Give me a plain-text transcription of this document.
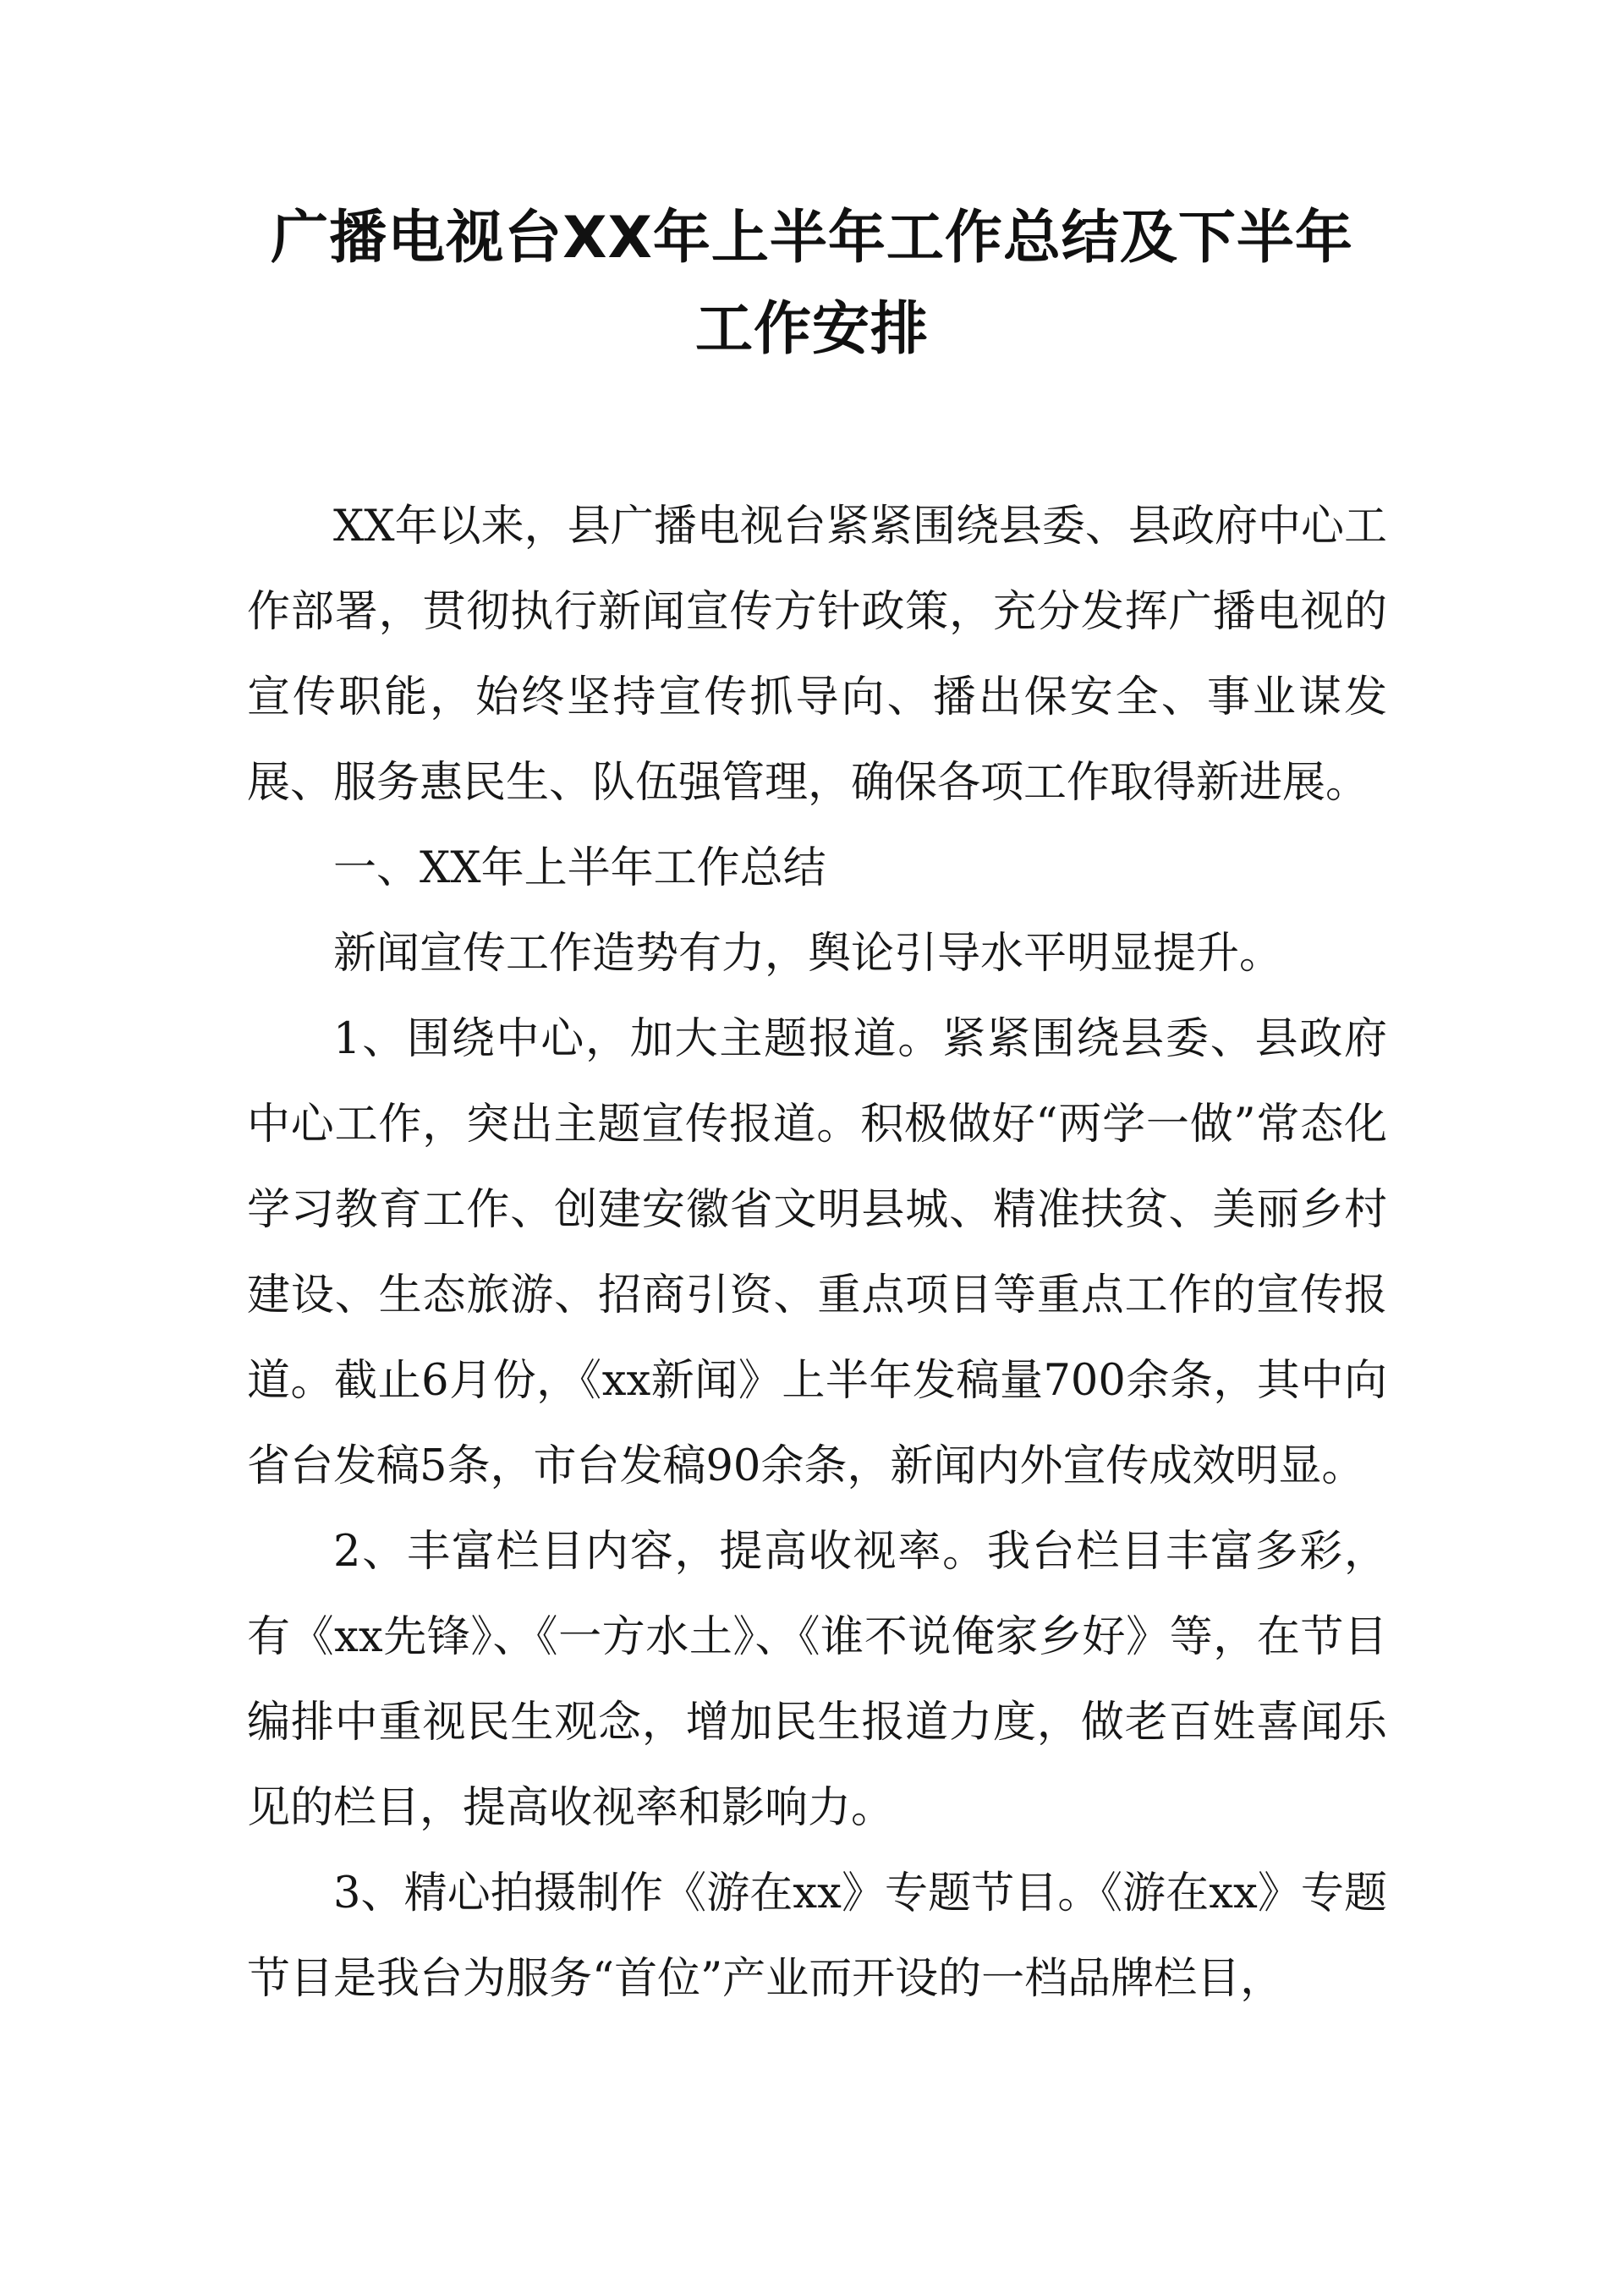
广播电视台XX年上半年工作总结及下半年
工作安排

XX年以来，县广播电视台紧紧围绕县委、县政府中心工作部署，贯彻执行新闻宣传方针政策，充分发挥广播电视的宣传职能，始终坚持宣传抓导向、播出保安全、事业谋发展、服务惠民生、队伍强管理，确保各项工作取得新进展。

一、XX年上半年工作总结

新闻宣传工作造势有力，舆论引导水平明显提升。

1、围绕中心，加大主题报道。紧紧围绕县委、县政府中心工作，突出主题宣传报道。积极做好“两学一做”常态化学习教育工作、创建安徽省文明县城、精准扶贫、美丽乡村建设、生态旅游、招商引资、重点项目等重点工作的宣传报道。截止6月份，《xx新闻》上半年发稿量700余条，其中向省台发稿5条，市台发稿90余条，新闻内外宣传成效明显。

2、丰富栏目内容，提高收视率。我台栏目丰富多彩，有《xx先锋》、《一方水土》、《谁不说俺家乡好》等，在节目编排中重视民生观念，增加民生报道力度，做老百姓喜闻乐见的栏目，提高收视率和影响力。

3、精心拍摄制作《游在xx》专题节目。《游在xx》专题节目是我台为服务“首位”产业而开设的一档品牌栏目，
